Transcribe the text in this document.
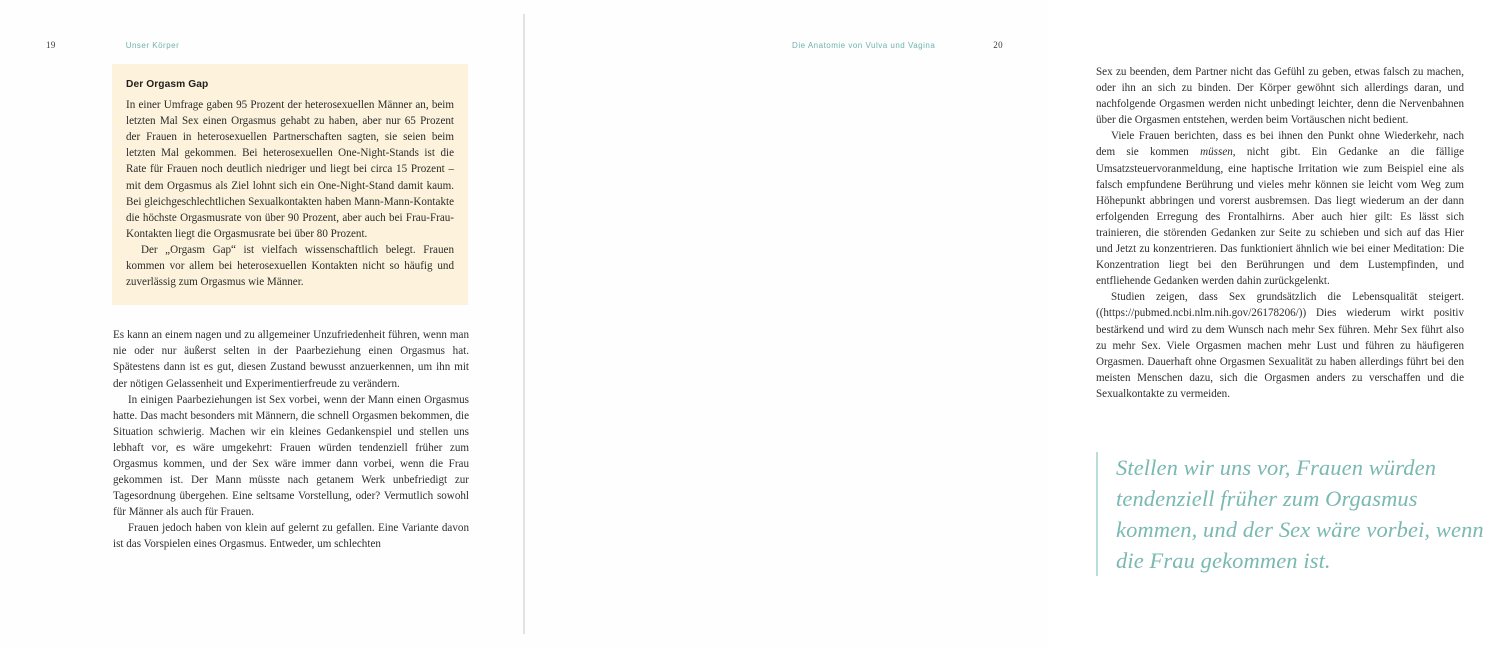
19	Unser Körper
Der Orgasm Gap

In einer Umfrage gaben 95 Prozent der heterosexuellen Männer an, beim letzten Mal Sex einen Orgasmus gehabt zu haben, aber nur 65 Prozent der Frauen in heterosexuellen Partnerschaften sagten, sie seien beim letzten Mal gekommen. Bei heterosexuellen One-Night-Stands ist die Rate für Frauen noch deutlich niedriger und liegt bei circa 15 Prozent – mit dem Orgasmus als Ziel lohnt sich ein One-Night-Stand damit kaum. Bei gleichgeschlechtlichen Sexualkontakten haben Mann-Mann-Kontakte die höchste Orgasmusrate von über 90 Prozent, aber auch bei Frau-Frau-Kontakten liegt die Orgasmusrate bei über 80 Prozent.

Der „Orgasm Gap“ ist vielfach wissenschaftlich belegt. Frauen kommen vor allem bei heterosexuellen Kontakten nicht so häufig und zuverlässig zum Orgasmus wie Männer.

Es kann an einem nagen und zu allgemeiner Unzufriedenheit führen, wenn man nie oder nur äußerst selten in der Paarbeziehung einen Orgasmus hat. Spätestens dann ist es gut, diesen Zustand bewusst anzuerkennen, um ihn mit der nötigen Gelassenheit und Experimentierfreude zu verändern.

In einigen Paarbeziehungen ist Sex vorbei, wenn der Mann einen Orgasmus hatte. Das macht besonders mit Männern, die schnell Orgasmen bekommen, die Situation schwierig. Machen wir ein kleines Gedankenspiel und stellen uns lebhaft vor, es wäre umgekehrt: Frauen würden tendenziell früher zum Orgasmus kommen, und der Sex wäre immer dann vorbei, wenn die Frau gekommen ist. Der Mann müsste nach getanem Werk unbefriedigt zur Tagesordnung übergehen. Eine seltsame Vorstellung, oder? Vermutlich sowohl für Männer als auch für Frauen.

Frauen jedoch haben von klein auf gelernt zu gefallen. Eine Variante davon ist das Vorspielen eines Orgasmus. Entweder, um schlechten

Die Anatomie von Vulva und Vagina	20

Sex zu beenden, dem Partner nicht das Gefühl zu geben, etwas falsch zu machen, oder ihn an sich zu binden. Der Körper gewöhnt sich allerdings daran, und nachfolgende Orgasmen werden nicht unbedingt leichter, denn die Nervenbahnen über die Orgasmen entstehen, werden beim Vortäuschen nicht bedient.

Viele Frauen berichten, dass es bei ihnen den Punkt ohne Wiederkehr, nach dem sie kommen müssen, nicht gibt. Ein Gedanke an die fällige Umsatzsteuervoranmeldung, eine haptische Irritation wie zum Beispiel eine als falsch empfundene Berührung und vieles mehr können sie leicht vom Weg zum Höhepunkt abbringen und vorerst ausbremsen. Das liegt wiederum an der dann erfolgenden Erregung des Frontalhirns. Aber auch hier gilt: Es lässt sich trainieren, die störenden Gedanken zur Seite zu schieben und sich auf das Hier und Jetzt zu konzentrieren. Das funktioniert ähnlich wie bei einer Meditation: Die Konzentration liegt bei den Berührungen und dem Lustempfinden, und entfliehende Gedanken werden dahin zurückgelenkt.

Studien zeigen, dass Sex grundsätzlich die Lebensqualität steigert. ((https://pubmed.ncbi.nlm.nih.gov/26178206/)) Dies wiederum wirkt positiv bestärkend und wird zu dem Wunsch nach mehr Sex führen. Mehr Sex führt also zu mehr Sex. Viele Orgasmen machen mehr Lust und führen zu häufigeren Orgasmen. Dauerhaft ohne Orgasmen Sexualität zu haben allerdings führt bei den meisten Menschen dazu, sich die Orgasmen anders zu verschaffen und die Sexualkontakte zu vermeiden.

Stellen wir uns vor, Frauen würden tendenziell früher zum Orgasmus kommen, und der Sex wäre vorbei, wenn die Frau gekommen ist.
